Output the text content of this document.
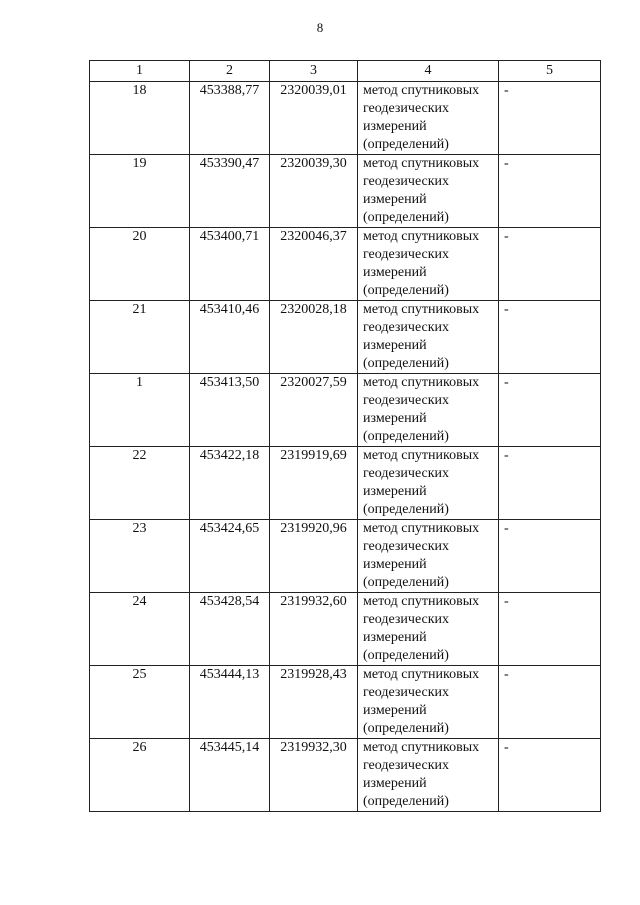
8
1	2	3	4	5
18	453388,77	2320039,01	метод спутниковых
геодезических
измерений
(определений)	-
19	453390,47	2320039,30	метод спутниковых
геодезических
измерений
(определений)	-
20	453400,71	2320046,37	метод спутниковых
геодезических
измерений
(определений)	-
21	453410,46	2320028,18	метод спутниковых
геодезических
измерений
(определений)	-
1	453413,50	2320027,59	метод спутниковых
геодезических
измерений
(определений)	-
22	453422,18	2319919,69	метод спутниковых
геодезических
измерений
(определений)	-
23	453424,65	2319920,96	метод спутниковых
геодезических
измерений
(определений)	-
24	453428,54	2319932,60	метод спутниковых
геодезических
измерений
(определений)	-
25	453444,13	2319928,43	метод спутниковых
геодезических
измерений
(определений)	-
26	453445,14	2319932,30	метод спутниковых
геодезических
измерений
(определений)	-
